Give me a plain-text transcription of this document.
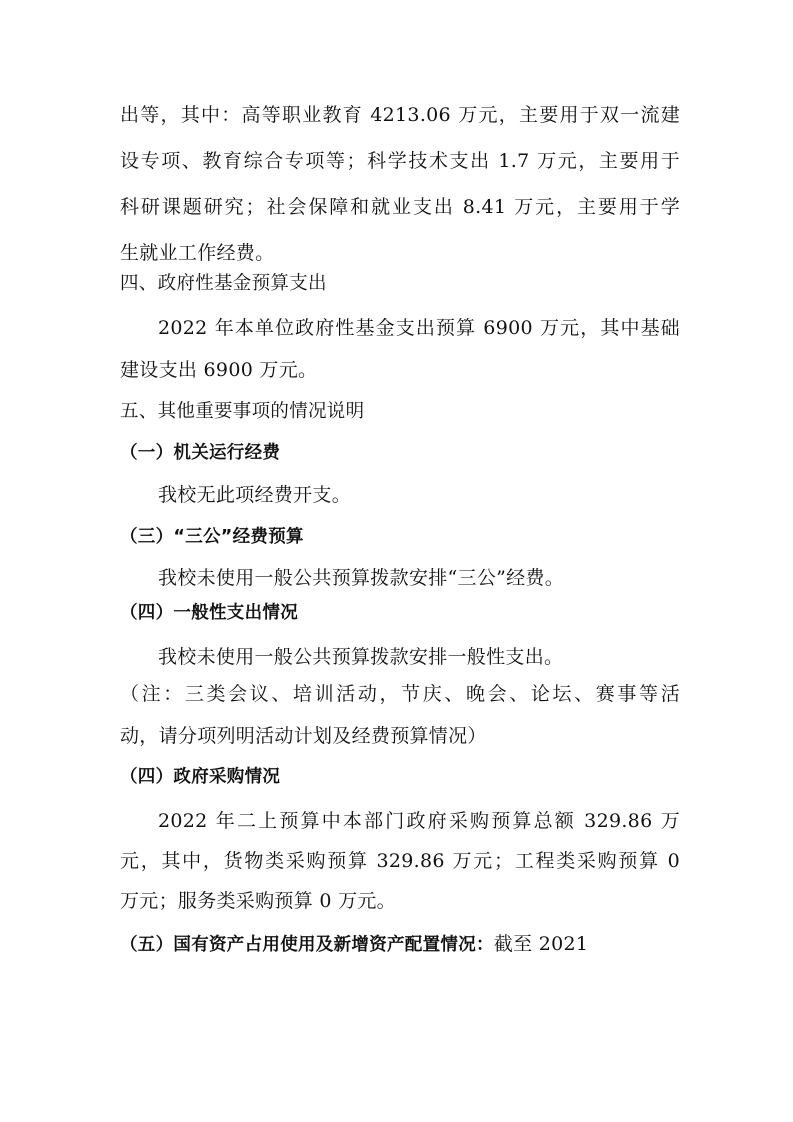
出等，其中：高等职业教育 4213.06 万元，主要用于双一流建
设专项、教育综合专项等；科学技术支出 1.7 万元，主要用于
科研课题研究；社会保障和就业支出 8.41 万元，主要用于学
生就业工作经费。
四、政府性基金预算支出
2022 年本单位政府性基金支出预算 6900 万元，其中基础
建设支出 6900 万元。
五、其他重要事项的情况说明
（一）机关运行经费
我校无此项经费开支。
（三）“三公”经费预算
我校未使用一般公共预算拨款安排“三公”经费。
（四）一般性支出情况
我校未使用一般公共预算拨款安排一般性支出。
（注：三类会议、培训活动，节庆、晚会、论坛、赛事等活
动，请分项列明活动计划及经费预算情况）
（四）政府采购情况
2022 年二上预算中本部门政府采购预算总额 329.86 万
元，其中，货物类采购预算 329.86 万元；工程类采购预算 0
万元；服务类采购预算 0 万元。
（五）国有资产占用使用及新增资产配置情况：截至 2021
